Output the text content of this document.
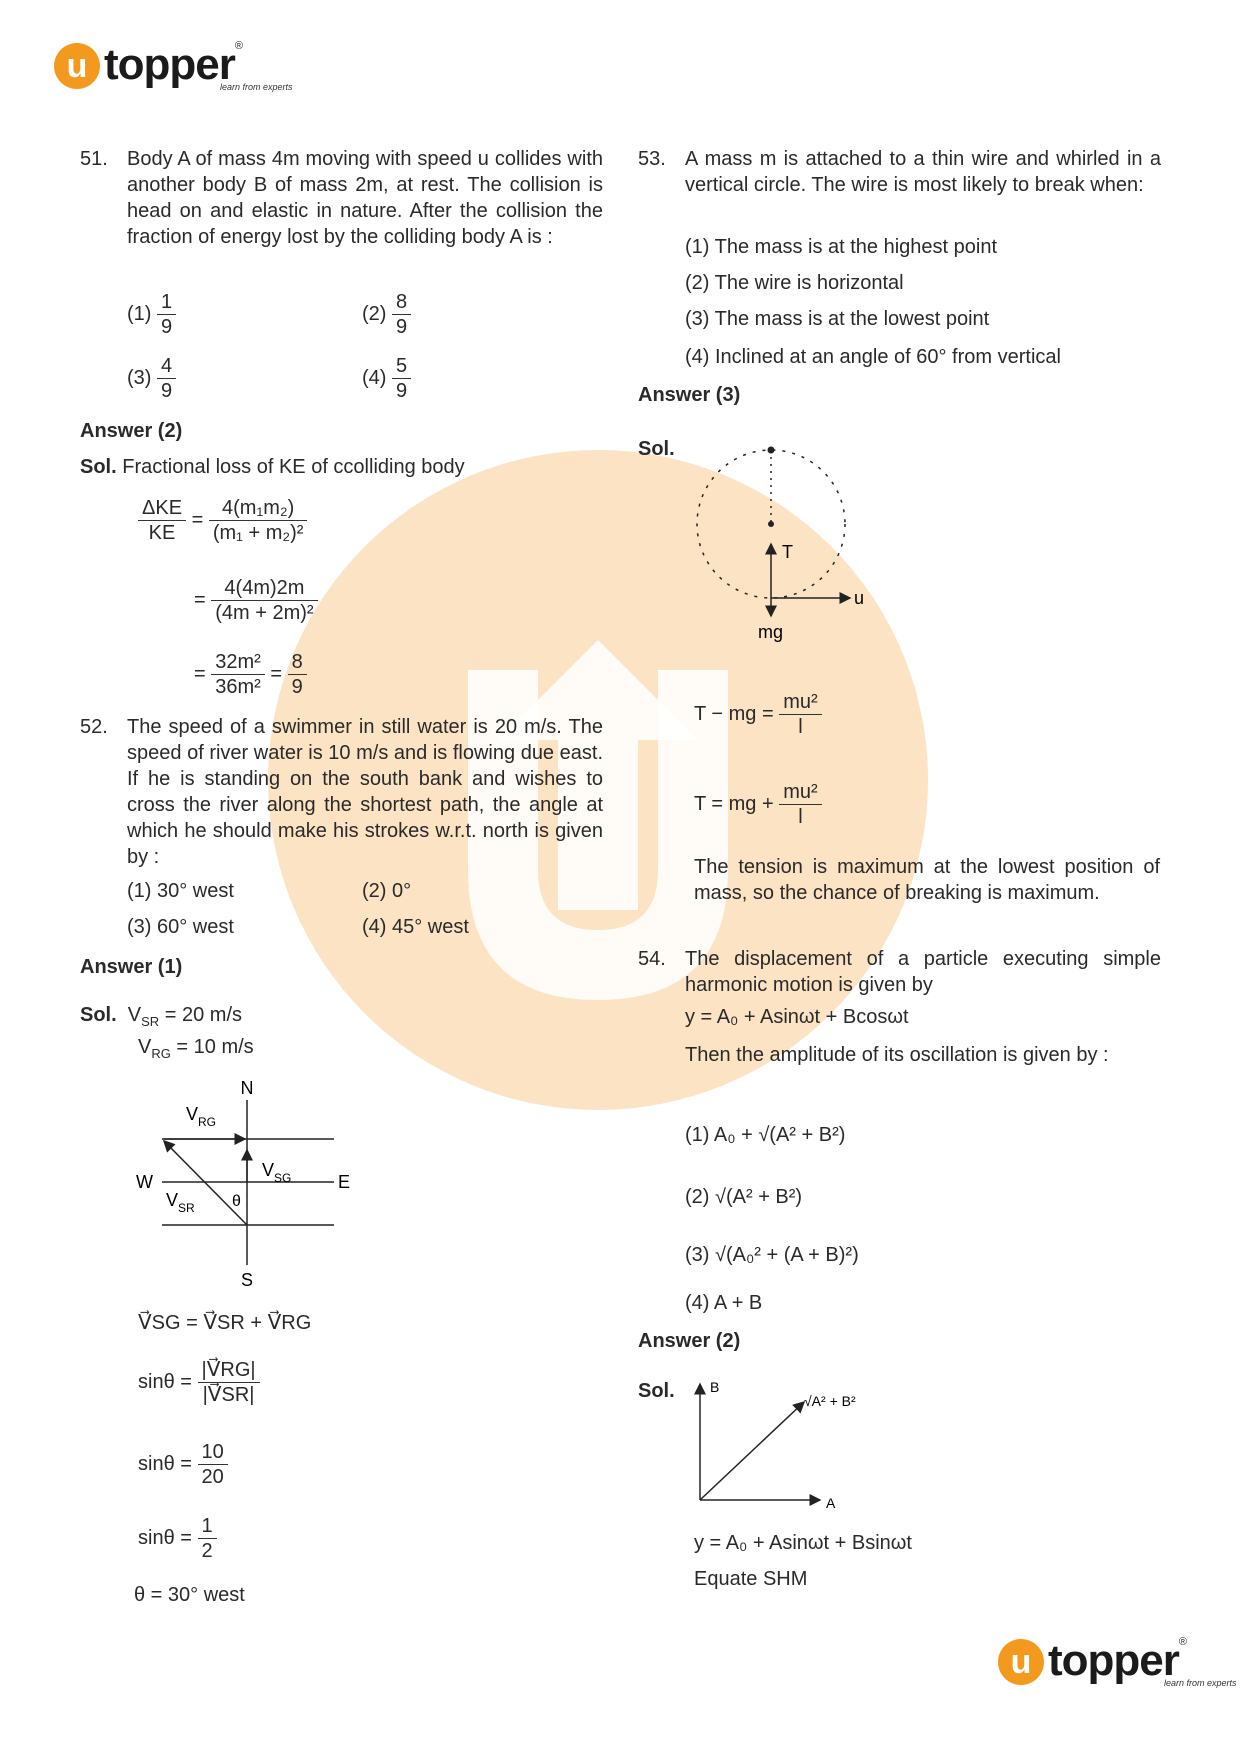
u topper®
learn from experts
51. Body A of mass 4m moving with speed u collides with another body B of mass 2m, at rest. The collision is head on and elastic in nature. After the collision the fraction of energy lost by the colliding body A is :
$(1) \frac{1}{9}$	$(2) \frac{8}{9}$
$(3) \frac{4}{9}$	$(4) \frac{5}{9}$
Answer (2)
Sol. Fractional loss of KE of ccolliding body
$\frac{\text{ΔKE}}{KE} = \frac{\text{4(m₁m₂)}}{\text{(m₁ + m₂)²}}$
= $\frac{4(4m)2m}{\text{(4m + 2m)²}}$
= $\frac{\text{32m²}}{\text{36m²}} = \frac{8}{9}$
52. The speed of a swimmer in still water is 20 m/s. The speed of river water is 10 m/s and is flowing due east. If he is standing on the south bank and wishes to cross the river along the shortest path, the angle at which he should make his strokes w.r.t. north is given by :
(1) 30° west	(2) 0°
(3) 60° west	(4) 45° west
Answer (1)
Sol. $V_{SR} = 20$ m/s
$V_{RG} = 10$ m/s
N
S
E
W
$V_{RG}$
$V_{SG}$
$V_{SR}$ θ
V⃗SG = V⃗SR + V⃗RG
$\sin\theta = \frac{|V⃗RG|}{|V⃗SR|}$
$\sin\theta = \frac{10}{20}$
$\sin\theta = \frac{1}{2}$
θ = 30° west
53. A mass m is attached to a thin wire and whirled in a vertical circle. The wire is most likely to break when:
(1) The mass is at the highest point
(2) The wire is horizontal
(3) The mass is at the lowest point
(4) Inclined at an angle of 60° from vertical
Answer (3)
Sol.
T
u
mg
T − mg = $\frac{\text{mu²}}{l}$
T = mg + $\frac{\text{mu²}}{l}$
The tension is maximum at the lowest position of mass, so the chance of breaking is maximum.
54. The displacement of a particle executing simple harmonic motion is given by
y = A₀ + Asinωt + Bcosωt
Then the amplitude of its oscillation is given by :
(1) A₀ + √(A² + B²)
(2) √(A² + B²)
(3) √(A₀² + (A + B)²)
(4) A + B
Answer (2)
Sol.	B
A
√A² + B²
y = A₀ + Asinωt + Bsinωt
Equate SHM
u topper®
learn from experts
